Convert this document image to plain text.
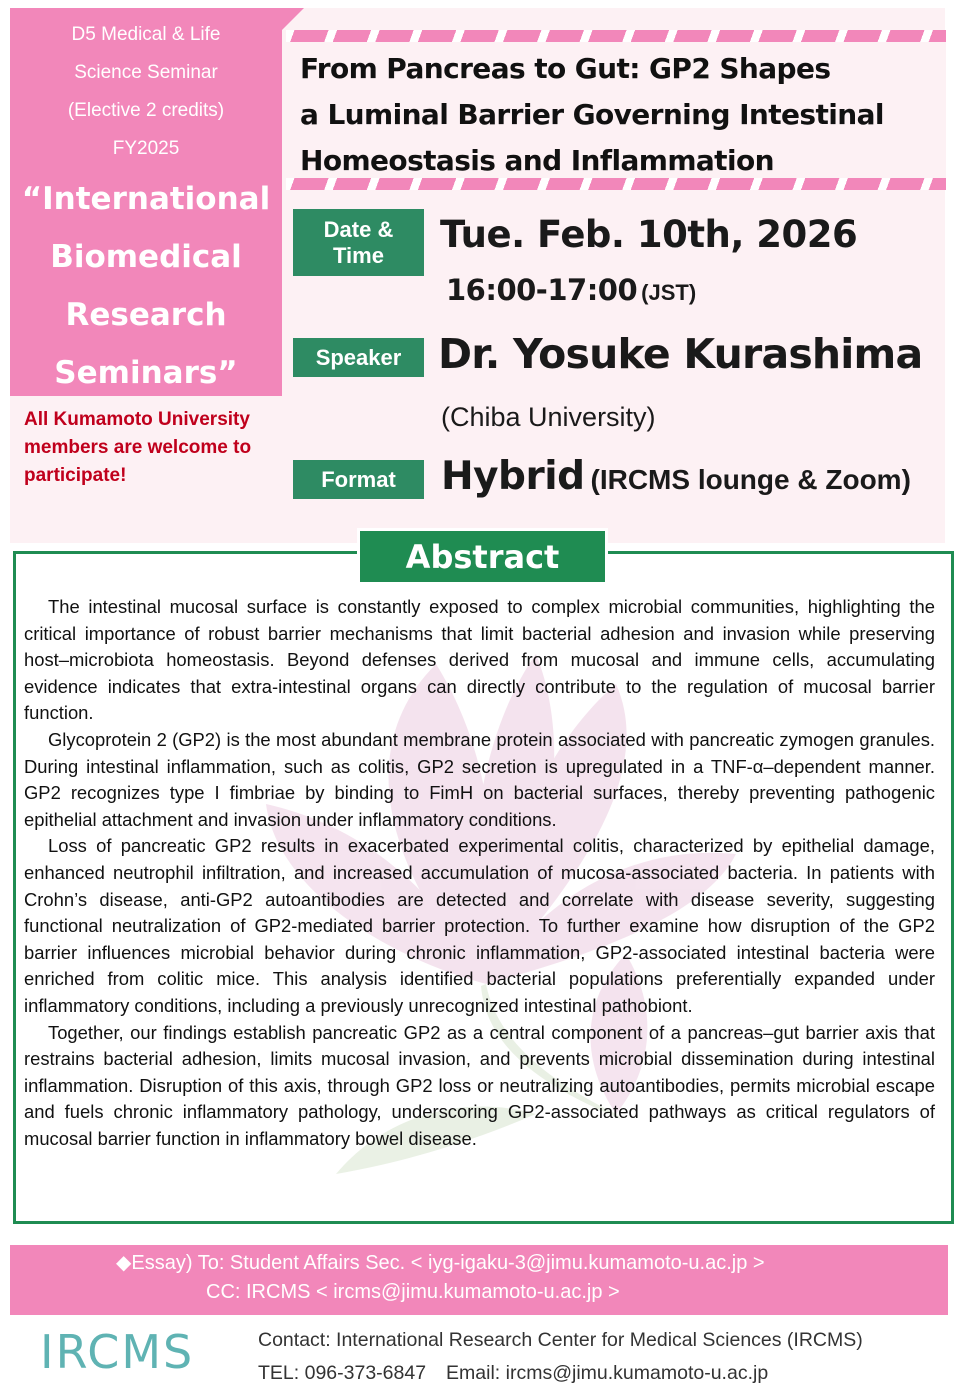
D5 Medical & Life
Science Seminar
(Elective 2 credits)
FY2025
“International
Biomedical
Research
Seminars”
All Kumamoto University members are welcome to participate!
From Pancreas to Gut: GP2 Shapes
a Luminal Barrier Governing Intestinal
Homeostasis and Inflammation
Date & Time	Tue. Feb. 10th, 2026
16:00-17:00 (JST)
Speaker Dr. Yosuke Kurashima
(Chiba University)
Format	Hybrid (IRCMS lounge & Zoom)
Abstract

The intestinal mucosal surface is constantly exposed to complex microbial communities, highlighting the critical importance of robust barrier mechanisms that limit bacterial adhesion and invasion while preserving host–microbiota homeostasis. Beyond defenses derived from mucosal and immune cells, accumulating evidence indicates that extra-intestinal organs can directly contribute to the regulation of mucosal barrier function.

Glycoprotein 2 (GP2) is the most abundant membrane protein associated with pancreatic zymogen granules. During intestinal inflammation, such as colitis, GP2 secretion is upregulated in a TNF-α–dependent manner. GP2 recognizes type I fimbriae by binding to FimH on bacterial surfaces, thereby preventing pathogenic epithelial attachment and invasion under inflammatory conditions.

Loss of pancreatic GP2 results in exacerbated experimental colitis, characterized by epithelial damage, enhanced neutrophil infiltration, and increased accumulation of mucosa-associated bacteria. In patients with Crohn’s disease, anti-GP2 autoantibodies are detected and correlate with disease severity, suggesting functional neutralization of GP2-mediated barrier protection. To further examine how disruption of the GP2 barrier influences microbial behavior during chronic inflammation, GP2-associated intestinal bacteria were enriched from colitic mice. This analysis identified bacterial populations preferentially expanded under inflammatory conditions, including a previously unrecognized intestinal pathobiont.

Together, our findings establish pancreatic GP2 as a central component of a pancreas–gut barrier axis that restrains bacterial adhesion, limits mucosal invasion, and prevents microbial dissemination during intestinal inflammation. Disruption of this axis, through GP2 loss or neutralizing autoantibodies, permits microbial escape and fuels chronic inflammatory pathology, underscoring GP2-associated pathways as critical regulators of mucosal barrier function in inflammatory bowel disease.

◆Essay) To: Student Affairs Sec. < iyg-igaku-3@jimu.kumamoto-u.ac.jp >
CC: IRCMS < ircms@jimu.kumamoto-u.ac.jp >
IRCMS	Contact: International Research Center for Medical Sciences (IRCMS)
TEL: 096-373-6847 Email: ircms@jimu.kumamoto-u.ac.jp
